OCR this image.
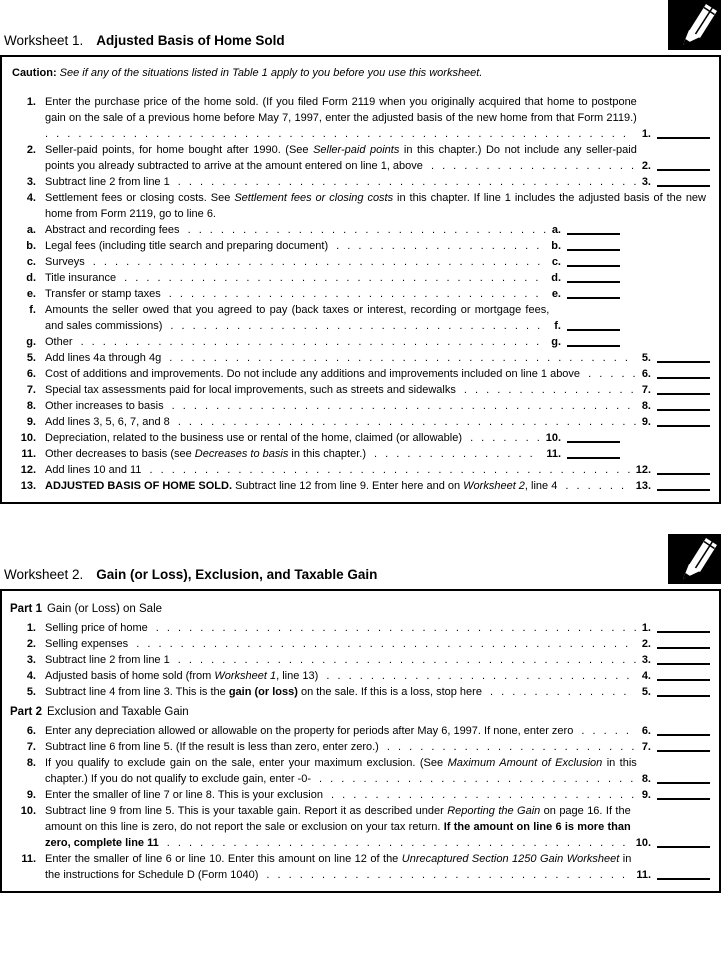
Worksheet 1. Adjusted Basis of Home Sold
Caution: See if any of the situations listed in Table 1 apply to you before you use this worksheet.
1. Enter the purchase price of the home sold. (If you filed Form 2119 when you originally acquired that home to postpone gain on the sale of a previous home before May 7, 1997, enter the adjusted basis of the new home from that Form 2119.) . . . . . . . . . . . . . . . . . . . . . . . . . . . . . . . . . . . . . . . . . . . . . . . . . . . . .	1.
2. Seller-paid points, for home bought after 1990. (See Seller-paid points in this chapter.) Do not include any seller-paid points you already subtracted to arrive at the amount entered on line 1, above . . . . . . . . . . . . . . . . . . . 2.
3. Subtract line 2 from line 1 . . . . . . . . . . . . . . . . . . . . . . . . . . . . . . . . . . . . . . . . . . 3.
4. Settlement fees or closing costs. See Settlement fees or closing costs in this chapter. If line 1 includes the adjusted basis of the new home from Form 2119, go to line 6.
a. Abstract and recording fees . . . . . . . . . . . . . . . . . . . . . . . . . . . . . . . . . a.
b. Legal fees (including title search and preparing document) . . . . . . . . . . . . . . . . . . .	b.
c. Surveys . . . . . . . . . . . . . . . . . . . . . . . . . . . . . . . . . . . . . . . . .	c.
d. Title insurance . . . . . . . . . . . . . . . . . . . . . . . . . . . . . . . . . . . . . .	d.
e. Transfer or stamp taxes . . . . . . . . . . . . . . . . . . . . . . . . . . . . . . . . . .	e.
f. Amounts the seller owed that you agreed to pay (back taxes or interest, recording or mortgage fees, and sales commissions) . . . . . . . . . . . . . . . . . . . . . . . . . . . . . . . . . .	f.
g. Other . . . . . . . . . . . . . . . . . . . . . . . . . . . . . . . . . . . . . . . . . .	g.
5. Add lines 4a through 4g . . . . . . . . . . . . . . . . . . . . . . . . . . . . . . . . . . . . . . . . . .	5.
6. Cost of additions and improvements. Do not include any additions and improvements included on line 1 above . . . . . 6.
7. Special tax assessments paid for local improvements, such as streets and sidewalks . . . . . . . . . . . . . . . . 7.
8. Other increases to basis . . . . . . . . . . . . . . . . . . . . . . . . . . . . . . . . . . . . . . . . . .	8.
9. Add lines 3, 5, 6, 7, and 8 . . . . . . . . . . . . . . . . . . . . . . . . . . . . . . . . . . . . . . . . . . 9.
10. Depreciation, related to the business use or rental of the home, claimed (or allowable) . . . . . . . 10.
11. Other decreases to basis (see Decreases to basis in this chapter.) . . . . . . . . . . . . . . .	11.
12. Add lines 10 and 11 . . . . . . . . . . . . . . . . . . . . . . . . . . . . . . . . . . . . . . . . . . . . 12.
13. ADJUSTED BASIS OF HOME SOLD. Subtract line 12 from line 9. Enter here and on Worksheet 2, line 4 . . . . . .	13.
Worksheet 2. Gain (or Loss), Exclusion, and Taxable Gain
Part 1 Gain (or Loss) on Sale
1. Selling price of home . . . . . . . . . . . . . . . . . . . . . . . . . . . . . . . . . . . . . . . . . . . . 1.
2. Selling expenses . . . . . . . . . . . . . . . . . . . . . . . . . . . . . . . . . . . . . . . . . . . . .	2.
3. Subtract line 2 from line 1 . . . . . . . . . . . . . . . . . . . . . . . . . . . . . . . . . . . . . . . . . . 3.
4. Adjusted basis of home sold (from Worksheet 1, line 13) . . . . . . . . . . . . . . . . . . . . . . . . . . . .	4.
5. Subtract line 4 from line 3. This is the gain (or loss) on the sale. If this is a loss, stop here . . . . . . . . . . . . .	5.
Part 2 Exclusion and Taxable Gain
6. Enter any depreciation allowed or allowable on the property for periods after May 6, 1997. If none, enter zero . . . . .	6.
7. Subtract line 6 from line 5. (If the result is less than zero, enter zero.) . . . . . . . . . . . . . . . . . . . . . . . 7.
8. If you qualify to exclude gain on the sale, enter your maximum exclusion. (See Maximum Amount of Exclusion in this chapter.) If you do not qualify to exclude gain, enter -0- . . . . . . . . . . . . . . . . . . . . . . . . . . . . . 8.
9. Enter the smaller of line 7 or line 8. This is your exclusion . . . . . . . . . . . . . . . . . . . . . . . . . . . . 9.
10. Subtract line 9 from line 5. This is your taxable gain. Report it as described under Reporting the Gain on page 16. If the amount on this line is zero, do not report the sale or exclusion on your tax return. If the amount on line 6 is more than zero, complete line 11 . . . . . . . . . . . . . . . . . . . . . . . . . . . . . . . . . . . . . . . . . . 10.
11. Enter the smaller of line 6 or line 10. Enter this amount on line 12 of the Unrecaptured Section 1250 Gain Worksheet in the instructions for Schedule D (Form 1040) . . . . . . . . . . . . . . . . . . . . . . . . . . . . . . . . .	11.
